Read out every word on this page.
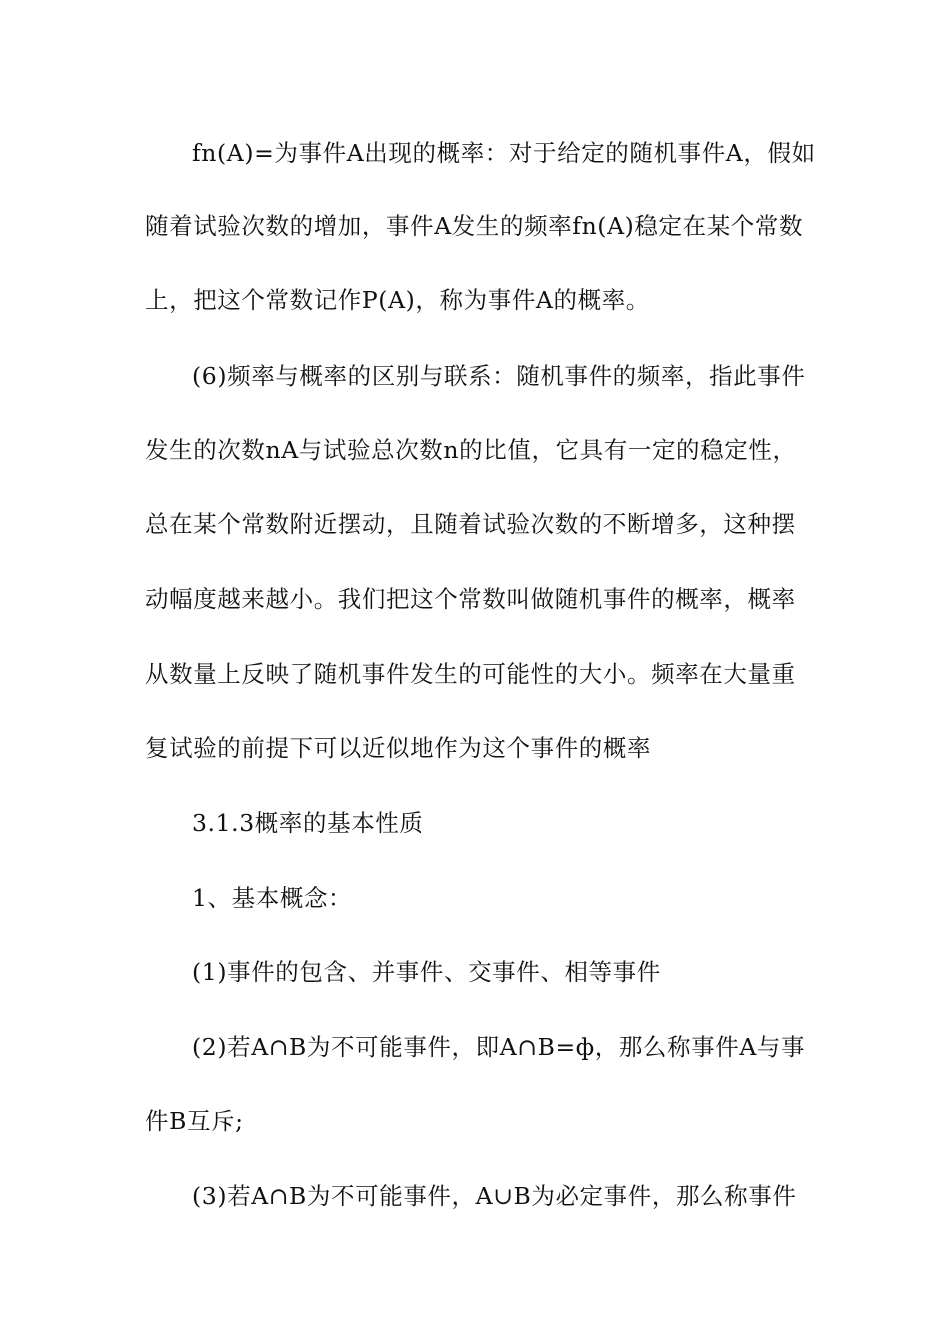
fn(A)=为事件A出现的概率：对于给定的随机事件A，假如
随着试验次数的增加，事件A发生的频率fn(A)稳定在某个常数
上，把这个常数记作P(A)，称为事件A的概率。
(6)频率与概率的区别与联系：随机事件的频率，指此事件
发生的次数nA与试验总次数n的比值，它具有一定的稳定性，
总在某个常数附近摆动，且随着试验次数的不断增多，这种摆
动幅度越来越小。我们把这个常数叫做随机事件的概率，概率
从数量上反映了随机事件发生的可能性的大小。频率在大量重
复试验的前提下可以近似地作为这个事件的概率
3.1.3概率的基本性质
1、基本概念：
(1)事件的包含、并事件、交事件、相等事件
(2)若A∩B为不可能事件，即A∩B=ф，那么称事件A与事
件B互斥;
(3)若A∩B为不可能事件，A∪B为必定事件，那么称事件
